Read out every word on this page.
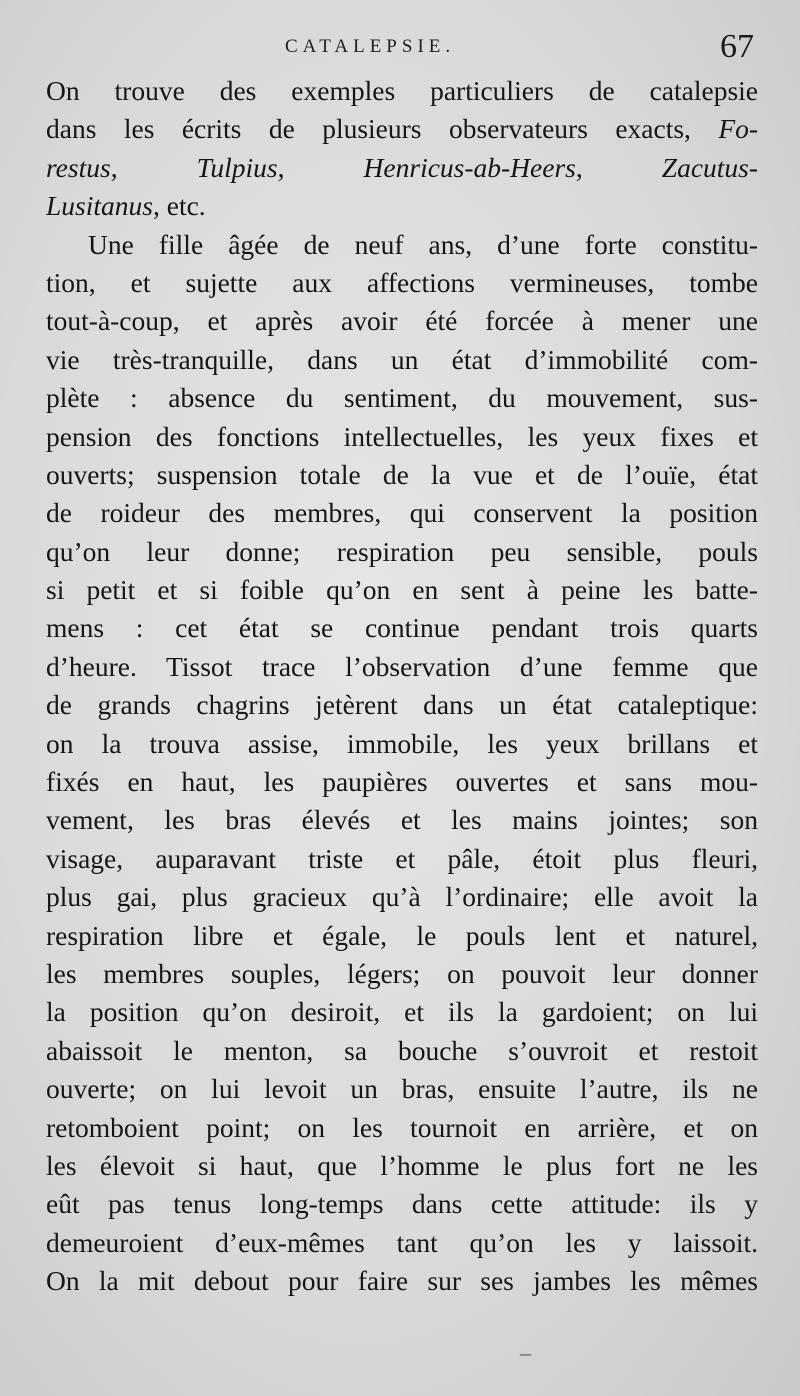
CATALEPSIE.	67
On trouve des exemples particuliers de catalepsie
dans les écrits de plusieurs observateurs exacts, Fo-
restus,	Tulpius,	Henricus-ab-Heers,	Zacutus-
Lusitanus, etc.
Une fille âgée de neuf ans, d’une forte constitu-
tion, et sujette aux affections vermineuses, tombe
tout-à-coup, et après avoir été forcée à mener une
vie très-tranquille, dans un état d’immobilité com-
plète : absence du sentiment, du mouvement, sus-
pension des fonctions intellectuelles, les yeux fixes et
ouverts; suspension totale de la vue et de l’ouïe, état
de roideur des membres, qui conservent la position
qu’on leur donne; respiration peu sensible, pouls
si petit et si foible qu’on en sent à peine les batte-
mens : cet état se continue pendant trois quarts
d’heure. Tissot trace l’observation d’une femme que
de grands chagrins jetèrent dans un état cataleptique:
on la trouva assise, immobile, les yeux brillans et
fixés en haut, les paupières ouvertes et sans mou-
vement, les bras élevés et les mains jointes; son
visage, auparavant triste et pâle, étoit plus fleuri,
plus gai, plus gracieux qu’à l’ordinaire; elle avoit la
respiration libre et égale, le pouls lent et naturel,
les membres souples, légers; on pouvoit leur donner
la position qu’on desiroit, et ils la gardoient; on lui
abaissoit le menton, sa bouche s’ouvroit et restoit
ouverte; on lui levoit un bras, ensuite l’autre, ils ne
retomboient point; on les tournoit en arrière, et on
les élevoit si haut, que l’homme le plus fort ne les
eût pas tenus long-temps dans cette attitude: ils y
demeuroient d’eux-mêmes tant qu’on les y laissoit.
On la mit debout pour faire sur ses jambes les mêmes
–
